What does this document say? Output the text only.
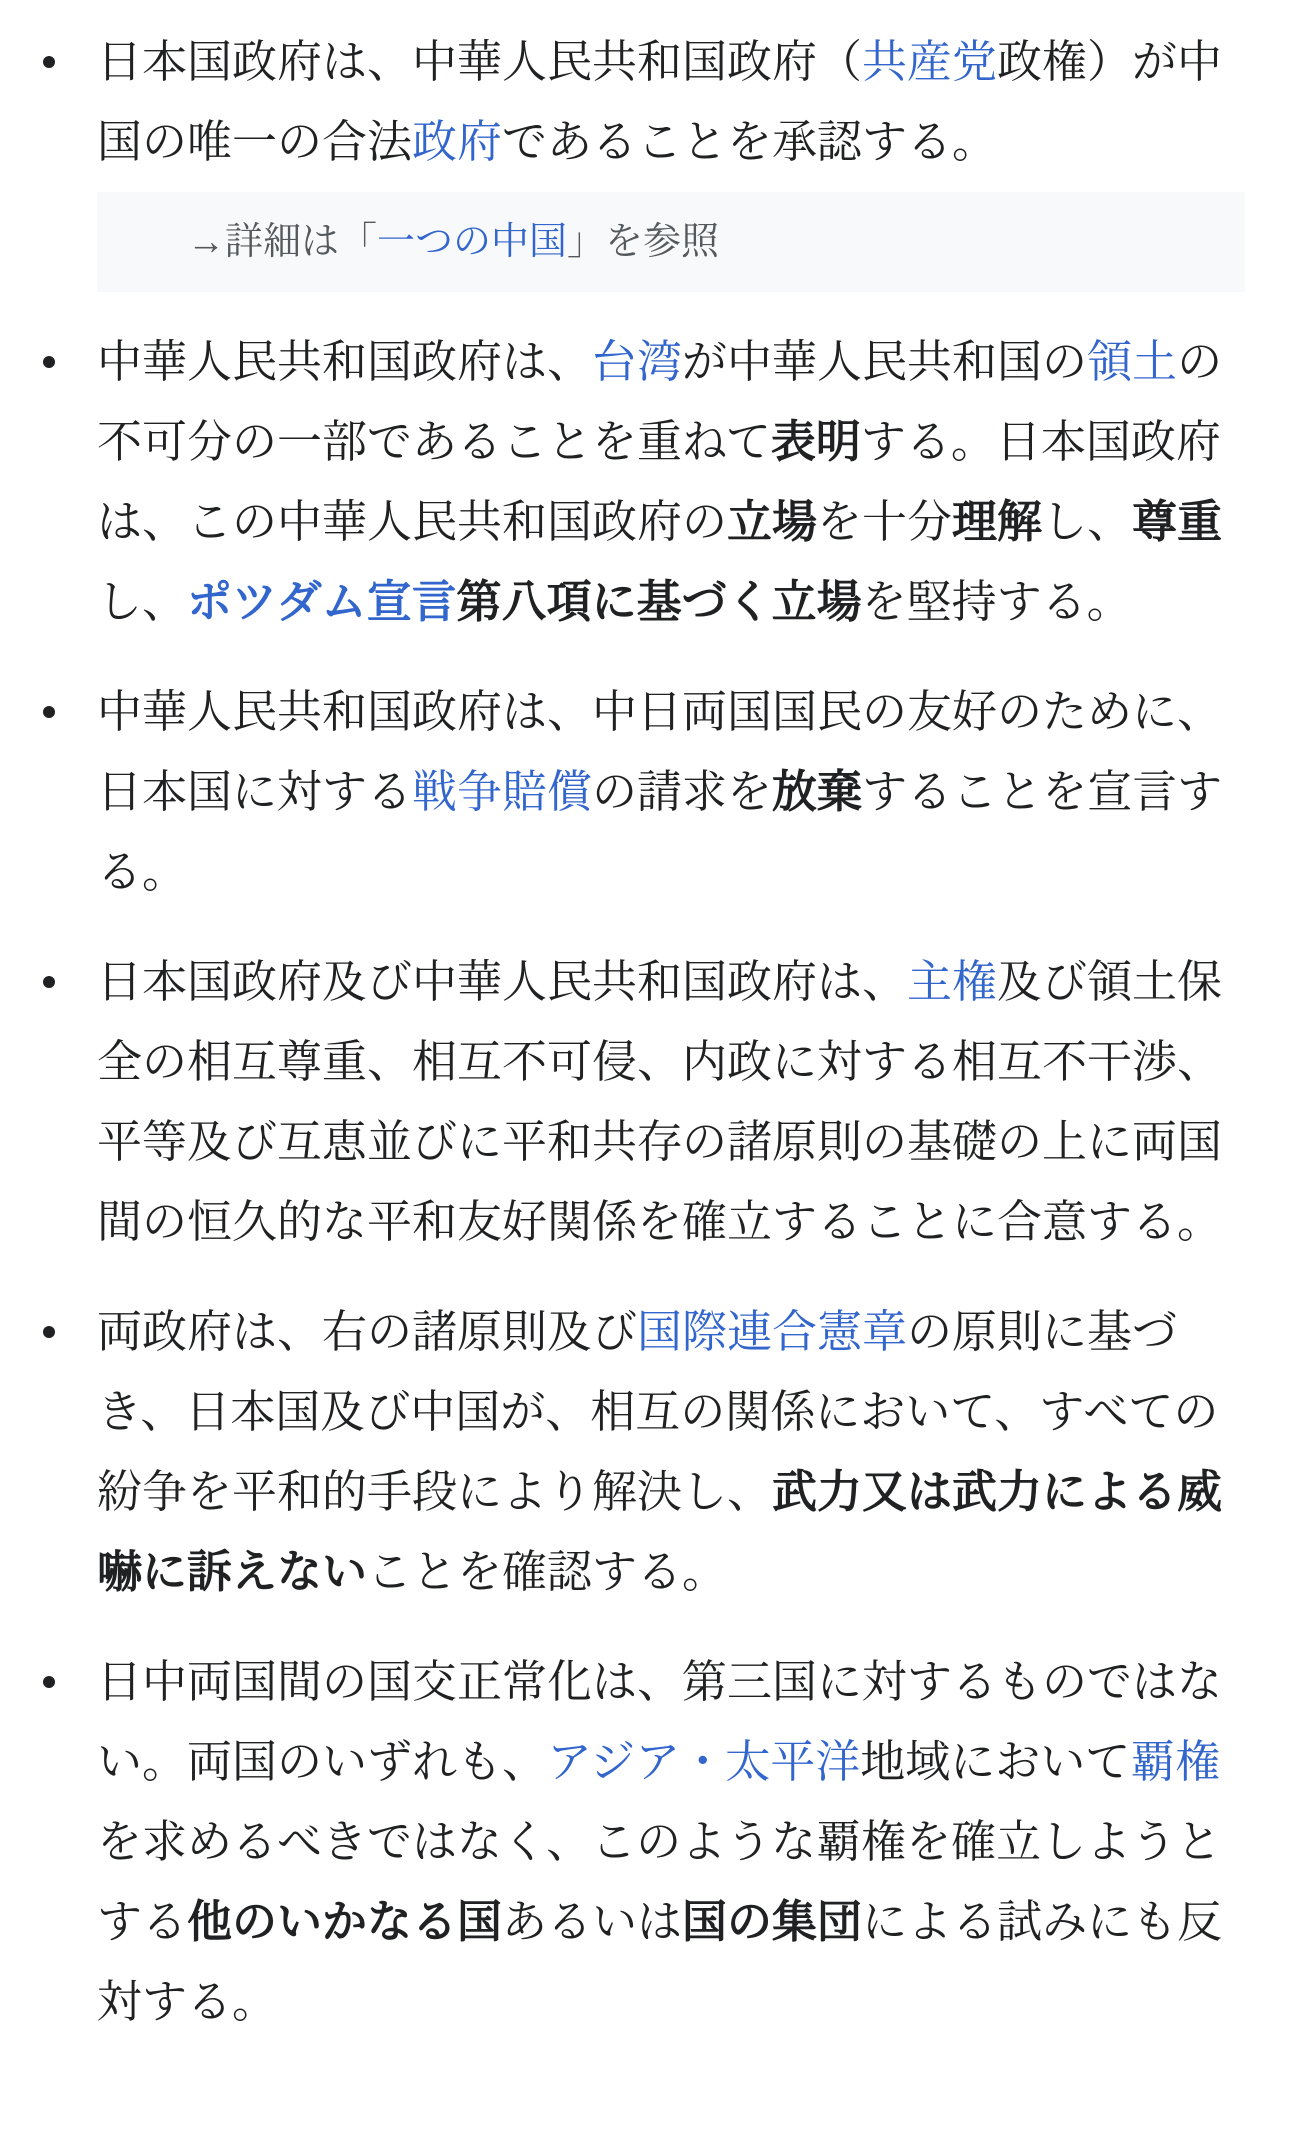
日本国政府は、中華人民共和国政府（共産党政権）が中国の唯一の合法政府であることを承認する。
→詳細は「一つの中国」を参照
中華人民共和国政府は、台湾が中華人民共和国の領土の不可分の一部であることを重ねて表明する。日本国政府は、この中華人民共和国政府の立場を十分理解し、尊重し、ポツダム宣言第八項に基づく立場を堅持する。
中華人民共和国政府は、中日両国国民の友好のために、日本国に対する戦争賠償の請求を放棄することを宣言する。
日本国政府及び中華人民共和国政府は、主権及び領土保全の相互尊重、相互不可侵、内政に対する相互不干渉、平等及び互恵並びに平和共存の諸原則の基礎の上に両国間の恒久的な平和友好関係を確立することに合意する。
両政府は、右の諸原則及び国際連合憲章の原則に基づき、日本国及び中国が、相互の関係において、すべての紛争を平和的手段により解決し、武力又は武力による威嚇に訴えないことを確認する。
日中両国間の国交正常化は、第三国に対するものではない。両国のいずれも、アジア・太平洋地域において覇権を求めるべきではなく、このような覇権を確立しようとする他のいかなる国あるいは国の集団による試みにも反対する。
